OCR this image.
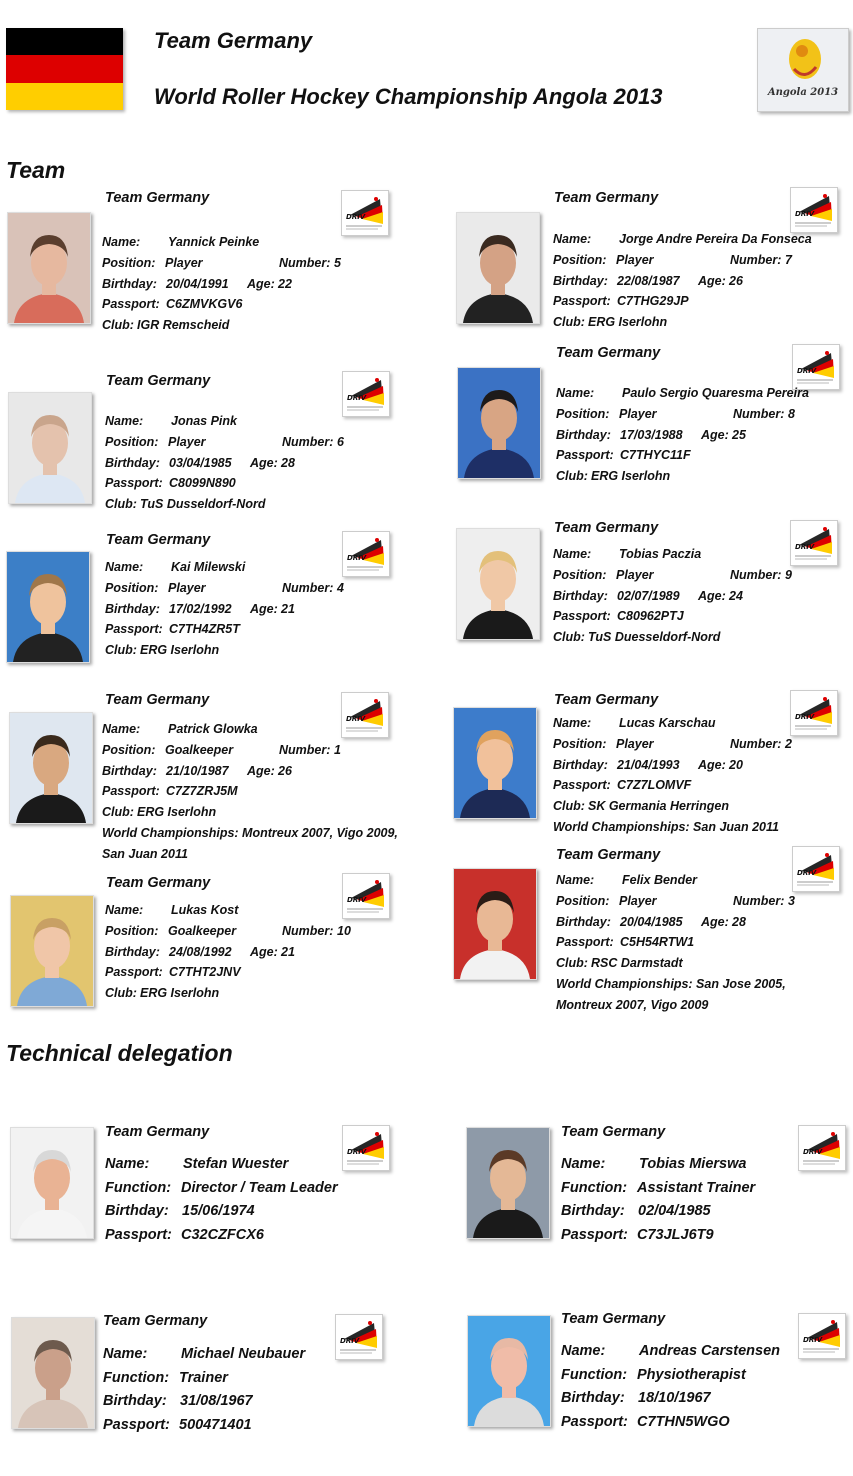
Team Germany
World Roller Hockey Championship Angola 2013	Angola 2013
Team
Technical delegation
Team Germany
DRIV
Name: Yannick Peinke
Position: Player	Number: 5
Birthday: 20/04/1991 Age: 22
Passport: C6ZMVKGV6
Club: IGR Remscheid
Team Germany
DRIV
Name: Jorge Andre Pereira Da Fonseca
Position: Player	Number: 7
Birthday: 22/08/1987 Age: 26
Passport: C7THG29JP
Club: ERG Iserlohn
Team Germany
DRIV
Name: Jonas Pink
Position: Player	Number: 6
Birthday: 03/04/1985 Age: 28
Passport: C8099N890
Club: TuS Dusseldorf-Nord
Team Germany
DRIV
Name: Paulo Sergio Quaresma Pereira
Position: Player	Number: 8
Birthday: 17/03/1988 Age: 25
Passport: C7THYC11F
Club: ERG Iserlohn
Team Germany
DRIV
Name: Kai Milewski
Position: Player	Number: 4
Birthday: 17/02/1992 Age: 21
Passport: C7TH4ZR5T
Club: ERG Iserlohn
Team Germany
DRIV
Name: Tobias Paczia
Position: Player	Number: 9
Birthday: 02/07/1989 Age: 24
Passport: C80962PTJ
Club: TuS Duesseldorf-Nord
Team Germany
DRIV
Name: Patrick Glowka
Position: Goalkeeper	Number: 1
Birthday: 21/10/1987 Age: 26
Passport: C7Z7ZRJ5M
Club: ERG Iserlohn
World Championships: Montreux 2007, Vigo 2009,
San Juan 2011
Team Germany
DRIV
Name: Lucas Karschau
Position: Player	Number: 2
Birthday: 21/04/1993 Age: 20
Passport: C7Z7LOMVF
Club: SK Germania Herringen
World Championships: San Juan 2011
Team Germany
DRIV
Name: Lukas Kost
Position: Goalkeeper	Number: 10
Birthday: 24/08/1992 Age: 21
Passport: C7THT2JNV
Club: ERG Iserlohn
Team Germany
DRIV
Name: Felix Bender
Position: Player	Number: 3
Birthday: 20/04/1985 Age: 28
Passport: C5H54RTW1
Club: RSC Darmstadt
World Championships: San Jose 2005,
Montreux 2007, Vigo 2009
Team Germany
DRIV
Name: Stefan Wuester
Function: Director / Team Leader
Birthday: 15/06/1974
Passport: C32CZFCX6
Team Germany
DRIV
Name: Tobias Mierswa
Function: Assistant Trainer
Birthday: 02/04/1985
Passport: C73JLJ6T9
Team Germany
DRIV
Name: Michael Neubauer
Function: Trainer
Birthday: 31/08/1967
Passport: 500471401
Team Germany
DRIV
Name: Andreas Carstensen
Function: Physiotherapist
Birthday: 18/10/1967
Passport: C7THN5WGO
